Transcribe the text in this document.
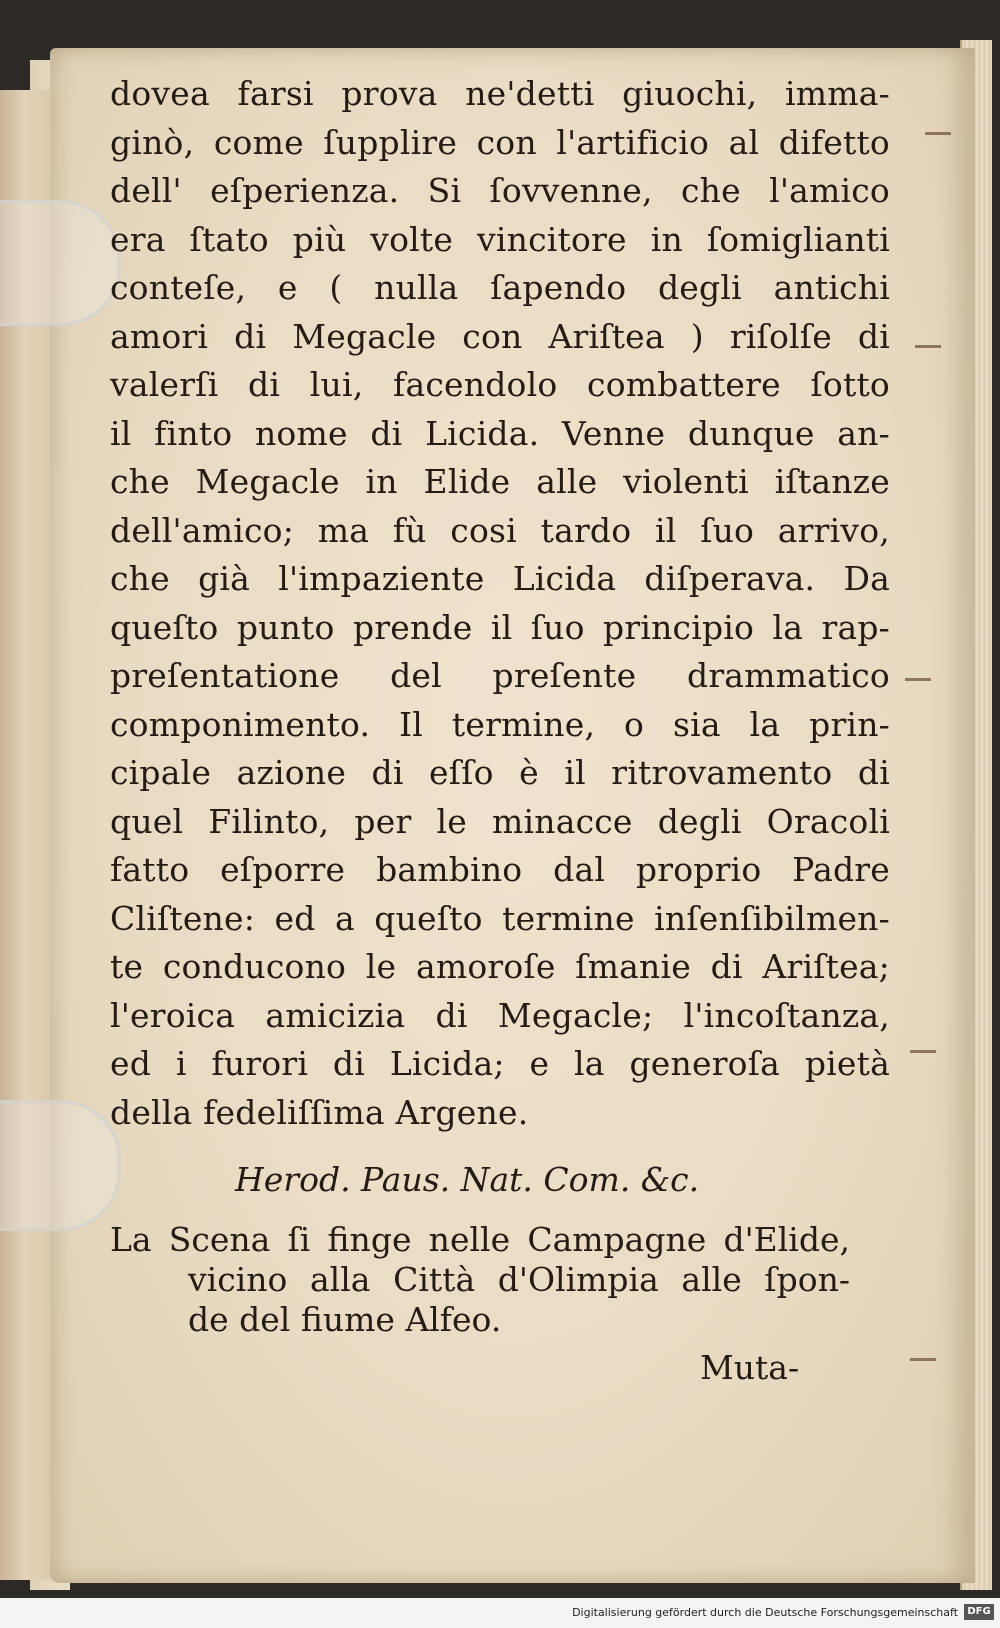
dovea farsi prova ne'detti giuochi, imma-
ginò, come ſupplire con l'artificio al difetto
dell' eſperienza. Si ſovvenne, che l'amico
era ſtato più volte vincitore in ſomiglianti
conteſe, e ( nulla ſapendo degli antichi
amori di Megacle con Ariſtea ) riſolſe di
valerſi di lui, facendolo combattere ſotto
il finto nome di Licida. Venne dunque an-
che Megacle in Elide alle violenti iſtanze
dell'amico; ma fù cosi tardo il ſuo arrivo,
che già l'impaziente Licida diſperava. Da
queſto punto prende il ſuo principio la rap-
preſentatione del preſente drammatico
componimento. Il termine, o sia la prin-
cipale azione di eſſo è il ritrovamento di
quel Filinto, per le minacce degli Oracoli
fatto eſporre bambino dal proprio Padre
Cliſtene: ed a queſto termine inſenſibilmen-
te conducono le amoroſe ſmanie di Ariſtea;
l'eroica amicizia di Megacle; l'incoſtanza,
ed i furori di Licida; e la generoſa pietà
della fedeliſſima Argene.
Herod. Paus. Nat. Com. &c.
La Scena ſi finge nelle Campagne d'Elide,
vicino alla Città d'Olimpia alle ſpon-
de del fiume Alfeo.
Muta-
Digitalisierung gefördert durch die Deutsche Forschungsgemeinschaft DFG
